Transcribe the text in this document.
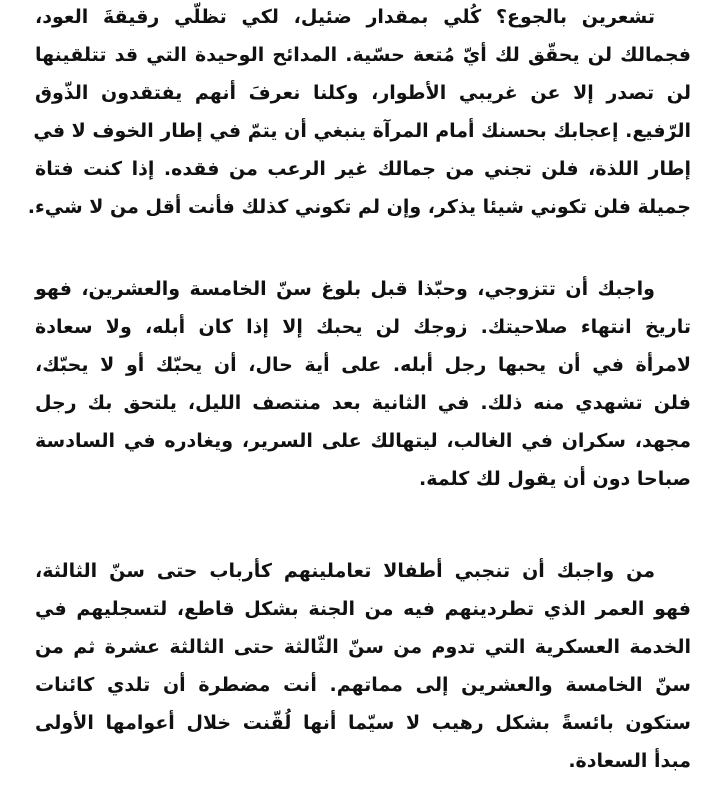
تشعرين بالجوع؟ كُلي بمقدار ضئيل، لكي تظلّي رقيقةَ العود،
فجمالك لن يحقّق لك أيّ مُتعة حسّية. المدائح الوحيدة التي قد تتلقينها
لن تصدر إلا عن غريبي الأطوار، وكلنا نعرفَ أنهم يفتقدون الذّوق
الرّفيع. إعجابك بحسنك أمام المرآة ينبغي أن يتمّ في إطار الخوف لا في
إطار اللذة، فلن تجني من جمالك غير الرعب من فقده. إذا كنت فتاة
جميلة فلن تكوني شيئا يذكر، وإن لم تكوني كذلك فأنت أقل من لا شيء.
واجبك أن تتزوجي، وحبّذا قبل بلوغ سنّ الخامسة والعشرين، فهو
تاريخ انتهاء صلاحيتك. زوجك لن يحبك إلا إذا كان أبله، ولا سعادة
لامرأة في أن يحبها رجل أبله. على أية حال، أن يحبّك أو لا يحبّك،
فلن تشهدي منه ذلك. في الثانية بعد منتصف الليل، يلتحق بك رجل
مجهد، سكران في الغالب، ليتهالك على السرير، ويغادره في السادسة
صباحا دون أن يقول لك كلمة.
من واجبك أن تنجبي أطفالا تعاملينهم كأرباب حتى سنّ الثالثة،
فهو العمر الذي تطردينهم فيه من الجنة بشكل قاطع، لتسجليهم في
الخدمة العسكرية التي تدوم من سنّ الثّالثة حتى الثالثة عشرة ثم من
سنّ الخامسة والعشرين إلى مماتهم. أنت مضطرة أن تلدي كائنات
ستكون بائسةً بشكل رهيب لا سيّما أنها لُقّنت خلال أعوامها الأولى
مبدأ السعادة.
